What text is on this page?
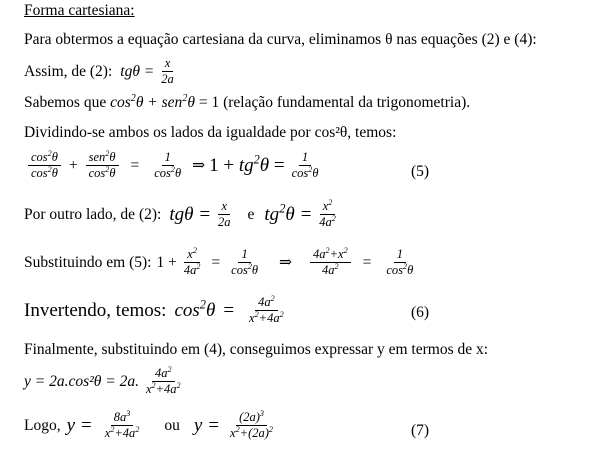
Forma cartesiana:
Para obtermos a equação cartesiana da curva, eliminamos θ nas equações (2) e (4):
Assim, de (2): $tg\theta = \frac{x}{2a}$
Sabemos que $\cos^2\theta + sen^2\theta = 1$ (relação fundamental da trigonometria).
Dividindo-se ambos os lados da igualdade por cos²θ, temos:
$\frac{\cos^2\theta}{\cos^2\theta} + \frac{sen^2\theta}{\cos^2\theta} = \frac{1}{\cos^2\theta}$ ⇒ $1 + tg^2\theta = \frac{1}{\cos^2\theta}$	(5)
Por outro lado, de (2): $tg\theta = \frac{x}{2a}$ e $tg^2\theta = \frac{x^2}{4a^2}$
Substituindo em (5): $1 + \frac{x^2}{4a^2} = \frac{1}{\cos^2\theta}$ ⇒ $\frac{4a^2+x^2}{4a^2} = \frac{1}{\cos^2\theta}$
Invertendo, temos: $\cos^2\theta = \frac{4a^2}{x^2+4a^2}$	(6)
Finalmente, substituindo em (4), conseguimos expressar y em termos de x:
y = 2a.cos²θ = 2a. $\frac{4a^2}{x^2+4a^2}$
Logo, $y = \frac{8a^3}{x^2+4a^2}$ ou $y = \frac{(2a)^3}{x^2+(2a)^2}$	(7)
